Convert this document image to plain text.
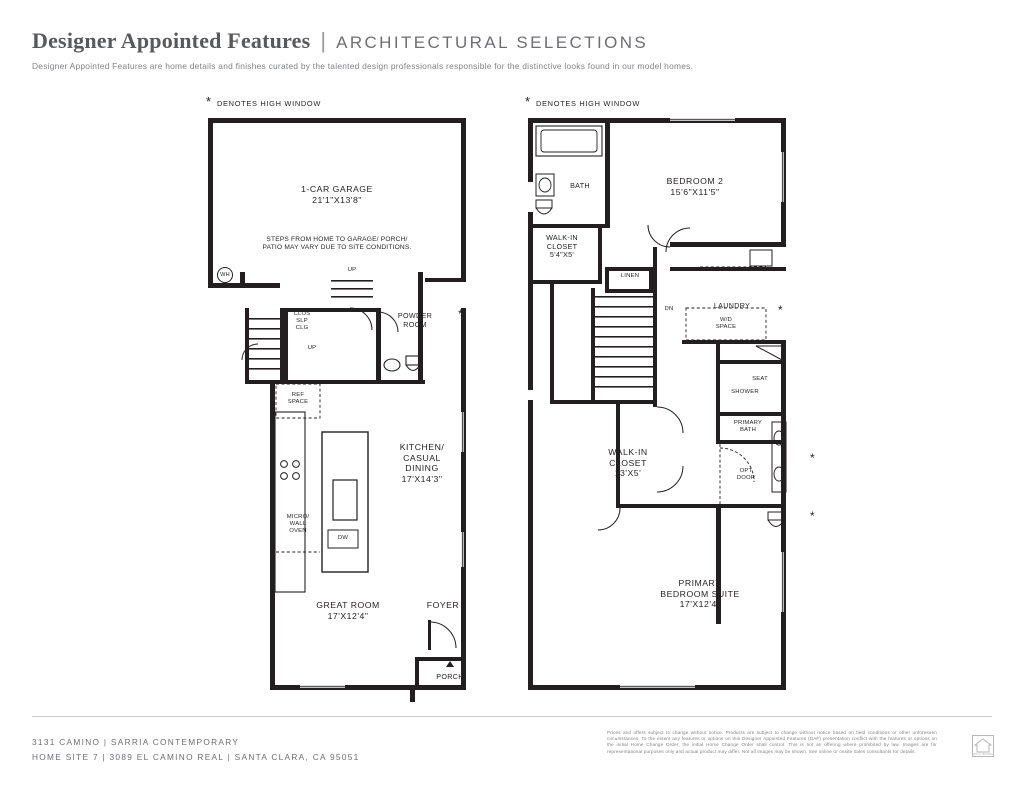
Designer Appointed Features | ARCHITECTURAL SELECTIONS
Designer Appointed Features are home details and finishes curated by the talented design professionals responsible for the distinctive looks found in our model homes.
* DENOTES HIGH WINDOW	* DENOTES HIGH WINDOW
1-CAR GARAGE
21'1"X13'8"
STEPS FROM HOME TO GARAGE/ PORCH/
PATIO MAY VARY DUE TO SITE CONDITIONS.
POWDER
ROOM
KITCHEN/
CASUAL
DINING
17'X14'3"
GREAT ROOM
17'X12'4"
FOYER
PORCH
WH
UP
UP
CLOS
SLP
CLG
REF
SPACE
MICRO/
WALL
OVEN
DW
*
BATH	BEDROOM 2
15'6"X11'5"
WALK-IN
CLOSET
5'4"X5'
LINEN
LAUNDRY
W/D
SPACE
DN
SEAT
SHOWER
PRIMARY
BATH
OPT
DOOR
WALK-IN
CLOSET
13'X5'
PRIMARY
BEDROOM SUITE
17'X12'4"
*
*
*
3131 CAMINO | SARRIA CONTEMPORARY
HOME SITE 7 | 3089 EL CAMINO REAL | SANTA CLARA, CA 95051
Prices and offers subject to change without notice. Products are subject to change without notice based on field conditions or other unforeseen circumstances. To the extent any features or options on this Designer Appointed Features (DAF) presentation conflict with the features or options on the initial Home Change Order, the initial Home Change Order shall control. This is not an offering where prohibited by law. Images are for representational purposes only and actual product may differ. Not all images may be shown. See online or onsite sales consultants for details.
EQUAL HOUSING
